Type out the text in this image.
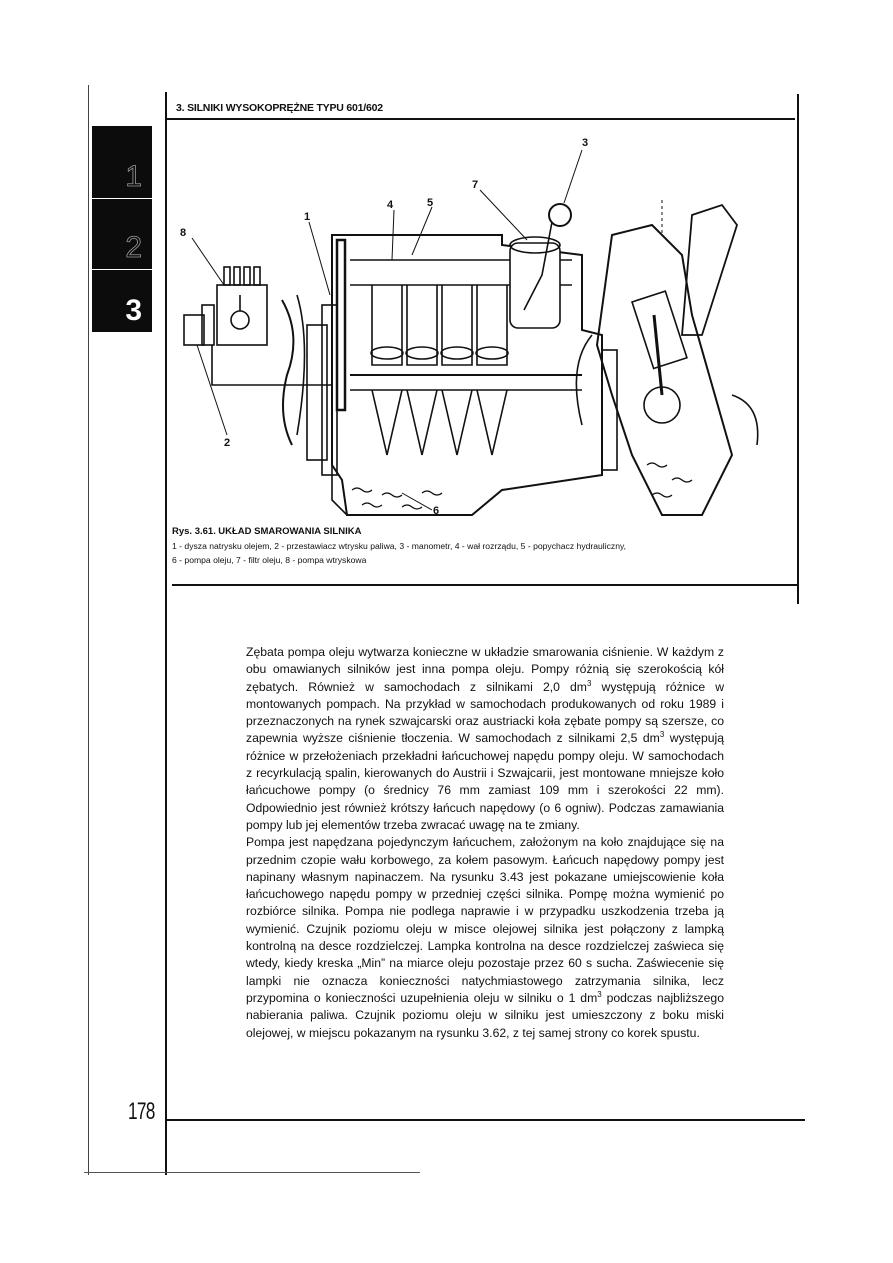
3. SILNIKI WYSOKOPRĘŻNE TYPU 601/602
1
2
3
1
2
3
4	5
6
7
8
Rys. 3.61. UKŁAD SMAROWANIA SILNIKA
1 - dysza natrysku olejem, 2 - przestawiacz wtrysku paliwa, 3 - manometr, 4 - wał rozrządu, 5 - popychacz hydrauliczny,
6 - pompa oleju, 7 - filtr oleju, 8 - pompa wtryskowa

Zębata pompa oleju wytwarza konieczne w układzie smarowania ciśnienie. W każdym z obu omawianych silników jest inna pompa oleju. Pompy różnią się szerokością kół zębatych. Również w samochodach z silnikami 2,0 $dm^3$ występują różnice w montowanych pompach. Na przykład w samochodach produkowanych od roku 1989 i przeznaczonych na rynek szwajcarski oraz austriacki koła zębate pompy są szersze, co zapewnia wyższe ciśnienie tłoczenia. W samochodach z silnikami 2,5 $dm^3$ występują różnice w przełożeniach przekładni łańcuchowej napędu pompy oleju. W samochodach z recyrkulacją spalin, kierowanych do Austrii i Szwajcarii, jest montowane mniejsze koło łańcuchowe pompy (o średnicy 76 mm zamiast 109 mm i szerokości 22 mm). Odpowiednio jest również krótszy łańcuch napędowy (o 6 ogniw). Podczas zamawiania pompy lub jej elementów trzeba zwracać uwagę na te zmiany.

Pompa jest napędzana pojedynczym łańcuchem, założonym na koło znajdujące się na przednim czopie wału korbowego, za kołem pasowym. Łańcuch napędowy pompy jest napinany własnym napinaczem. Na rysunku 3.43 jest pokazane umiejscowienie koła łańcuchowego napędu pompy w przedniej części silnika. Pompę można wymienić po rozbiórce silnika. Pompa nie podlega naprawie i w przypadku uszkodzenia trzeba ją wymienić. Czujnik poziomu oleju w misce olejowej silnika jest połączony z lampką kontrolną na desce rozdzielczej. Lampka kontrolna na desce rozdzielczej zaświeca się wtedy, kiedy kreska „Min” na miarce oleju pozostaje przez 60 s sucha. Zaświecenie się lampki nie oznacza konieczności natychmiastowego zatrzymania silnika, lecz przypomina o konieczności uzupełnienia oleju w silniku o 1 $dm^3$ podczas najbliższego nabierania paliwa. Czujnik poziomu oleju w silniku jest umieszczony z boku miski olejowej, w miejscu pokazanym na rysunku 3.62, z tej samej strony co korek spustu.

178
